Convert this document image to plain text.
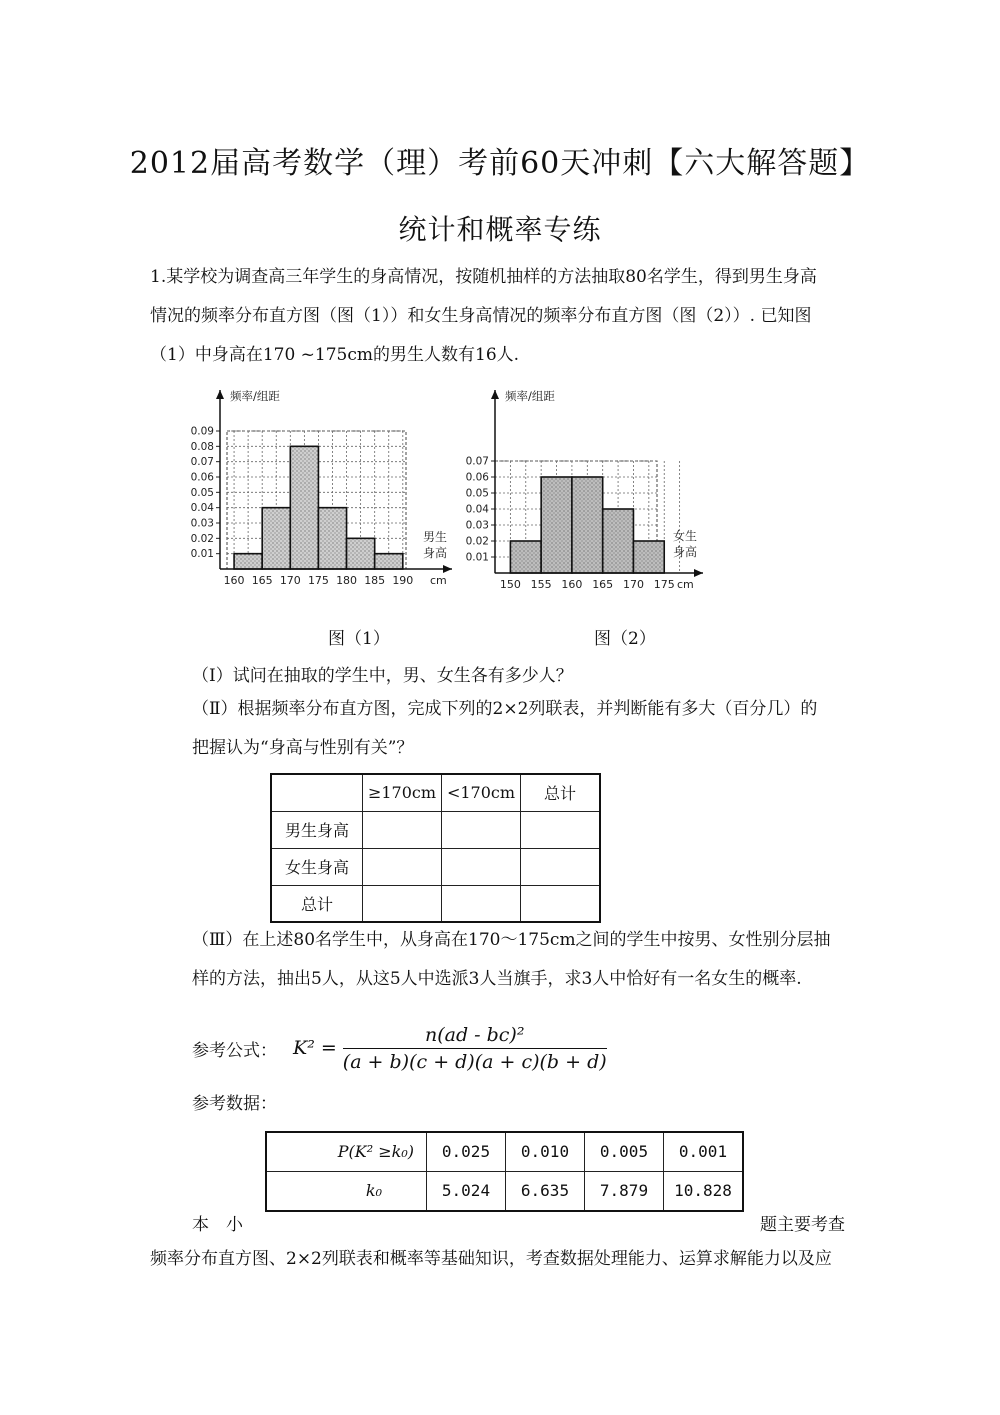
2012届高考数学（理）考前60天冲刺【六大解答题】
统计和概率专练
1.某学校为调查高三年学生的身高情况，按随机抽样的方法抽取80名学生，得到男生身高
情况的频率分布直方图（图（1））和女生身高情况的频率分布直方图（图（2））. 已知图
（1）中身高在170 ~175cm的男生人数有16人.
0.01
0.02
0.03
0.04
0.05
0.06
0.07
0.08
0.09
160 165 170 175 180 185 190 cm
频率/组距
男生
身高 0.01
0.02
0.03
0.04
0.05
0.06
0.07
150 155 160 165 170 175 cm
频率/组距
女生
身高
图（1）	图（2）
（Ⅰ）试问在抽取的学生中，男、女生各有多少人？
（Ⅱ）根据频率分布直方图，完成下列的2×2列联表，并判断能有多大（百分几）的
把握认为“身高与性别有关”？
	≥170cm	<170cm	总计
男生身高			
女生身高			
总计			
（Ⅲ）在上述80名学生中，从身高在170～175cm之间的学生中按男、女性别分层抽
样的方法，抽出5人，从这5人中选派3人当旗手，求3人中恰好有一名女生的概率.
参考公式： $K^2 = \frac{\text{n(ad - bc)²}}{(a + b)(c + d)(a + c)(b + d)}$
参考数据：
P(K² ≥k₀)	0.025	0.010	0.005	0.001
k₀	5.024	6.635	7.879	10.828
本　小	题主要考查
频率分布直方图、2×2列联表和概率等基础知识，考查数据处理能力、运算求解能力以及应
